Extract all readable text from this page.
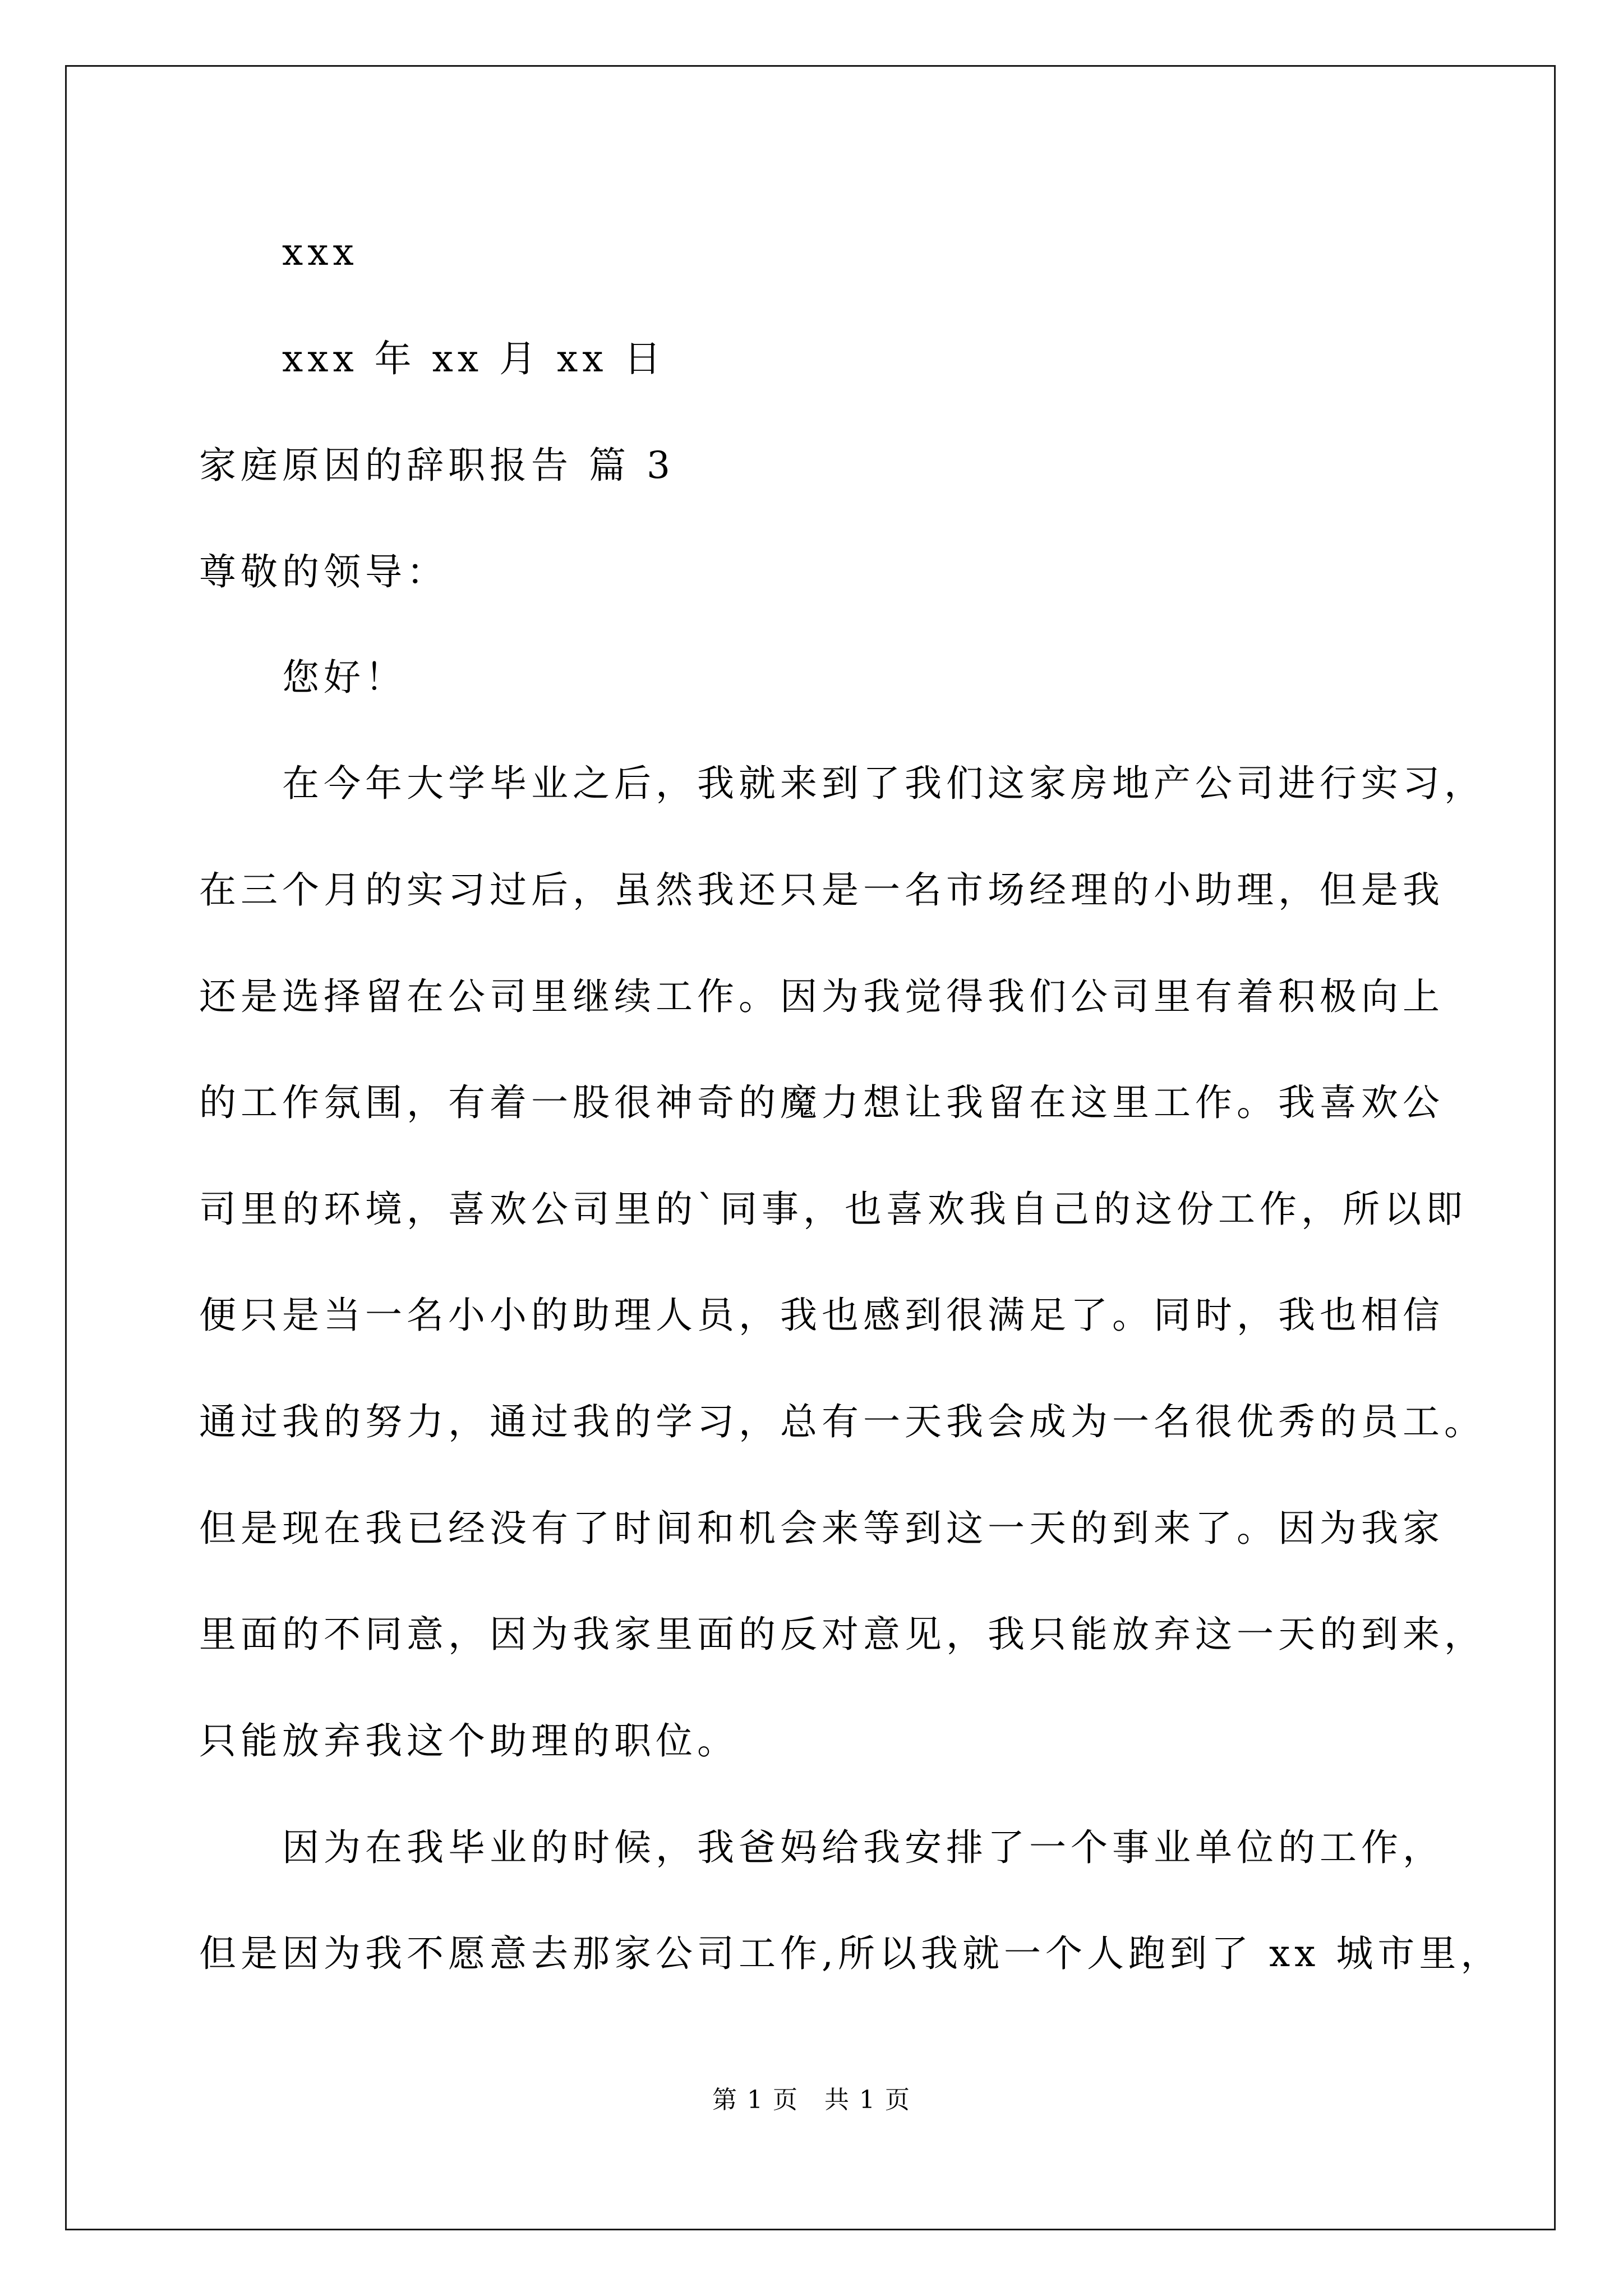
xxx
xxx 年 xx 月 xx 日
家庭原因的辞职报告 篇 3
尊敬的领导：
您好！
在今年大学毕业之后，我就来到了我们这家房地产公司进行实习，
在三个月的实习过后，虽然我还只是一名市场经理的小助理，但是我
还是选择留在公司里继续工作。因为我觉得我们公司里有着积极向上
的工作氛围，有着一股很神奇的魔力想让我留在这里工作。我喜欢公
司里的环境，喜欢公司里的`同事，也喜欢我自己的这份工作，所以即
便只是当一名小小的助理人员，我也感到很满足了。同时，我也相信
通过我的努力，通过我的学习，总有一天我会成为一名很优秀的员工。
但是现在我已经没有了时间和机会来等到这一天的到来了。因为我家
里面的不同意，因为我家里面的反对意见，我只能放弃这一天的到来，
只能放弃我这个助理的职位。
因为在我毕业的时候，我爸妈给我安排了一个事业单位的工作，
但是因为我不愿意去那家公司工作,所以我就一个人跑到了 xx 城市里，
第 1 页　共 1 页
